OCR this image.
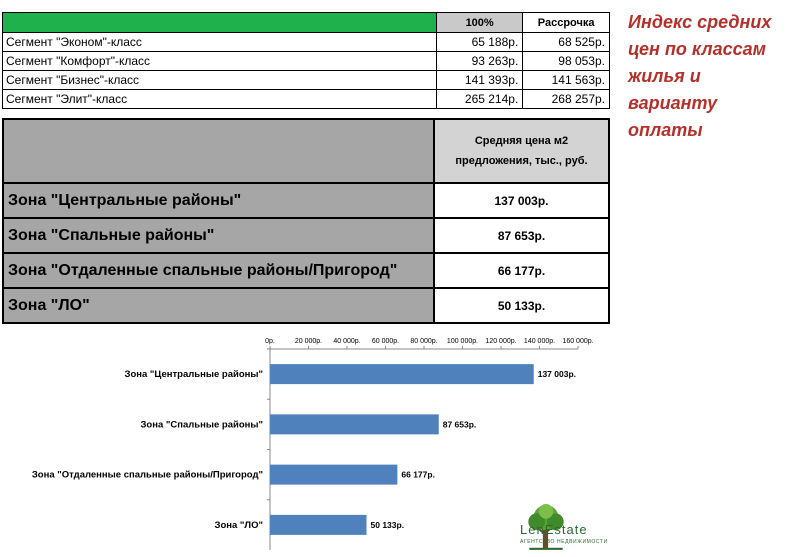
	100%	Рассрочка
Сегмент "Эконом"-класс	65 188р.	68 525р.
Сегмент "Комфорт"-класс	93 263р.	98 053р.
Сегмент "Бизнес"-класс	141 393р.	141 563р.
Сегмент "Элит"-класс	265 214р.	268 257р.
	Средняя цена м2
предложения, тыс., руб.
Зона "Центральные районы"	137 003р.
Зона "Спальные районы"	87 653р.
Зона "Отдаленные спальные районы/Пригород"	66 177р.
Зона "ЛО"	50 133р.
Индекс средних
цен по классам
жилья и
варианту
оплаты
0р.	20 000р. 40 000р. 60 000р. 80 000р. 100 000р. 120 000р. 140 000р. 160 000р.
Зона "Центральные районы"	137 003р.
Зона "Спальные районы"	87 653р.
Зона "Отдаленные спальные районы/Пригород"	66 177р.
Зона "ЛО"	50 133р.	LenEstate
АГЕНТСТВО НЕДВИЖИМОСТИ
